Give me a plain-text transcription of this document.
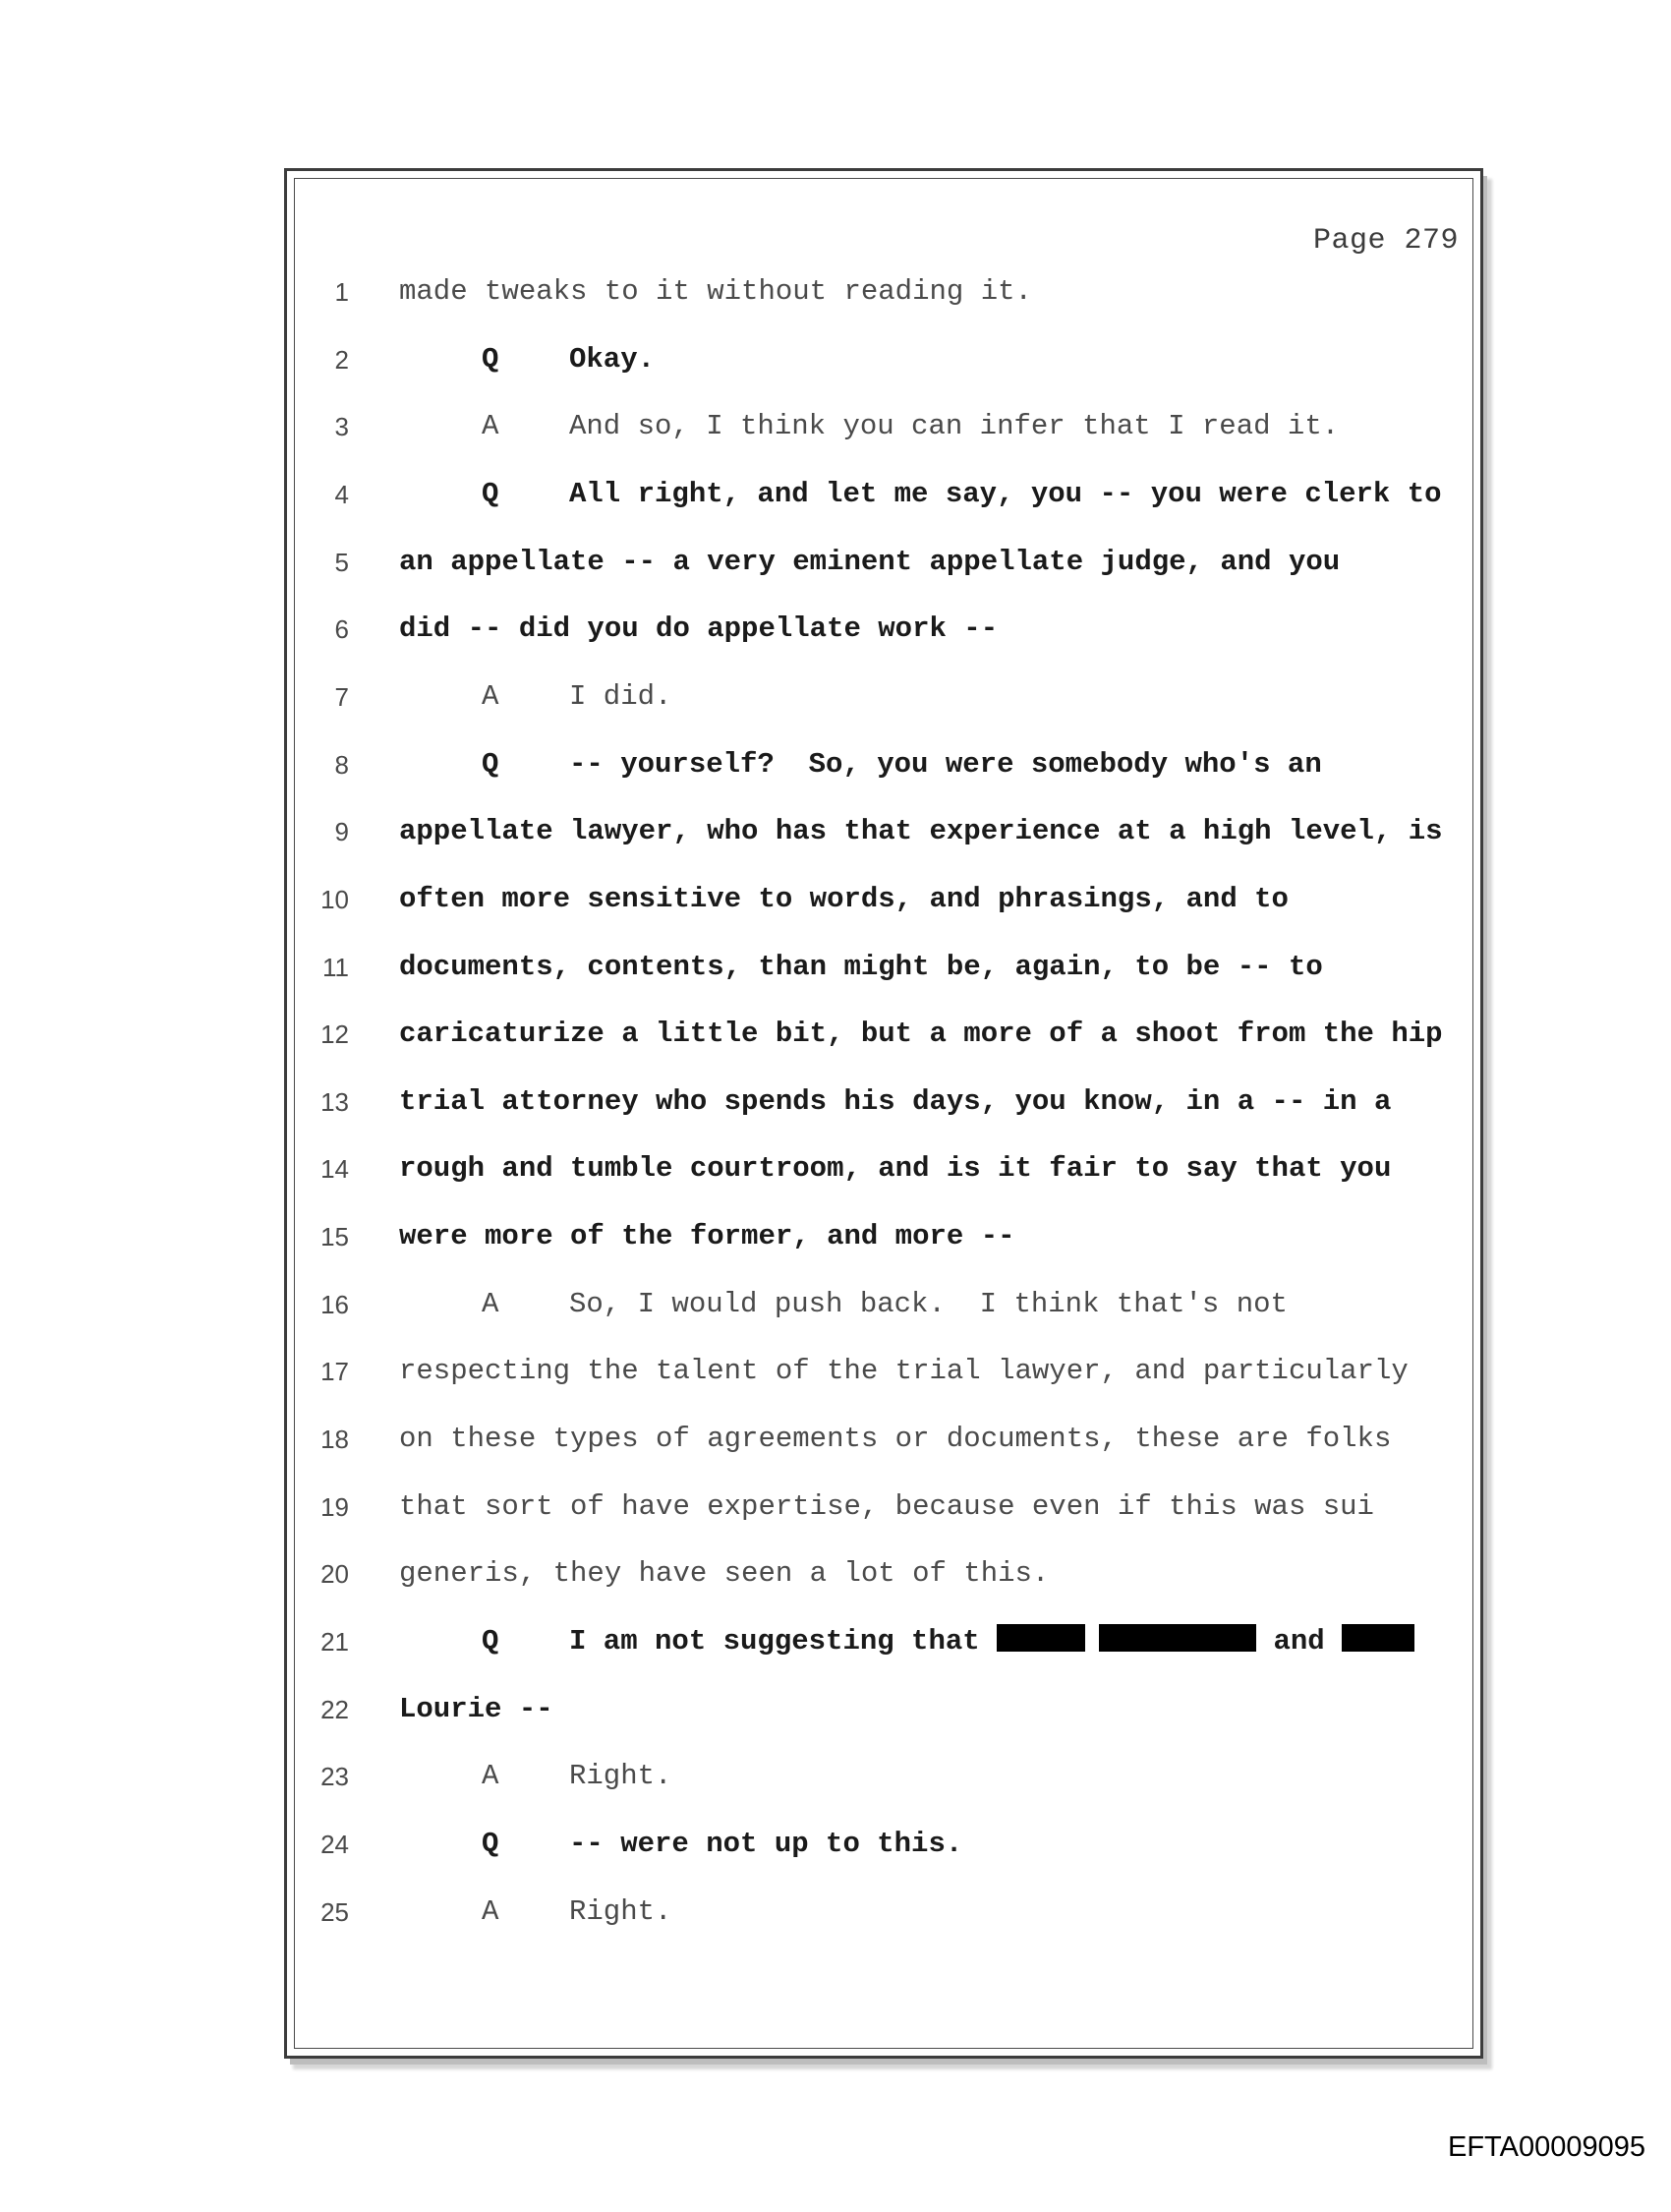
Page 279
1 made tweaks to it without reading it.
2	Q Okay.
3	A And so, I think you can infer that I read it.
4	Q All right, and let me say, you -- you were clerk to
5 an appellate -- a very eminent appellate judge, and you
6 did -- did you do appellate work --
7	A I did.
8	Q -- yourself?  So, you were somebody who's an
9 appellate lawyer, who has that experience at a high level, is
10 often more sensitive to words, and phrasings, and to
11 documents, contents, than might be, again, to be -- to
12 caricaturize a little bit, but a more of a shoot from the hip
13 trial attorney who spends his days, you know, in a -- in a
14 rough and tumble courtroom, and is it fair to say that you
15 were more of the former, and more --
16	A So, I would push back.  I think that's not
17 respecting the talent of the trial lawyer, and particularly
18 on these types of agreements or documents, these are folks
19 that sort of have expertise, because even if this was sui
20 generis, they have seen a lot of this.
21	Q I am not suggesting that	and
22 Lourie --
23	A Right.
24	Q -- were not up to this.
25	A Right.
EFTA00009095
